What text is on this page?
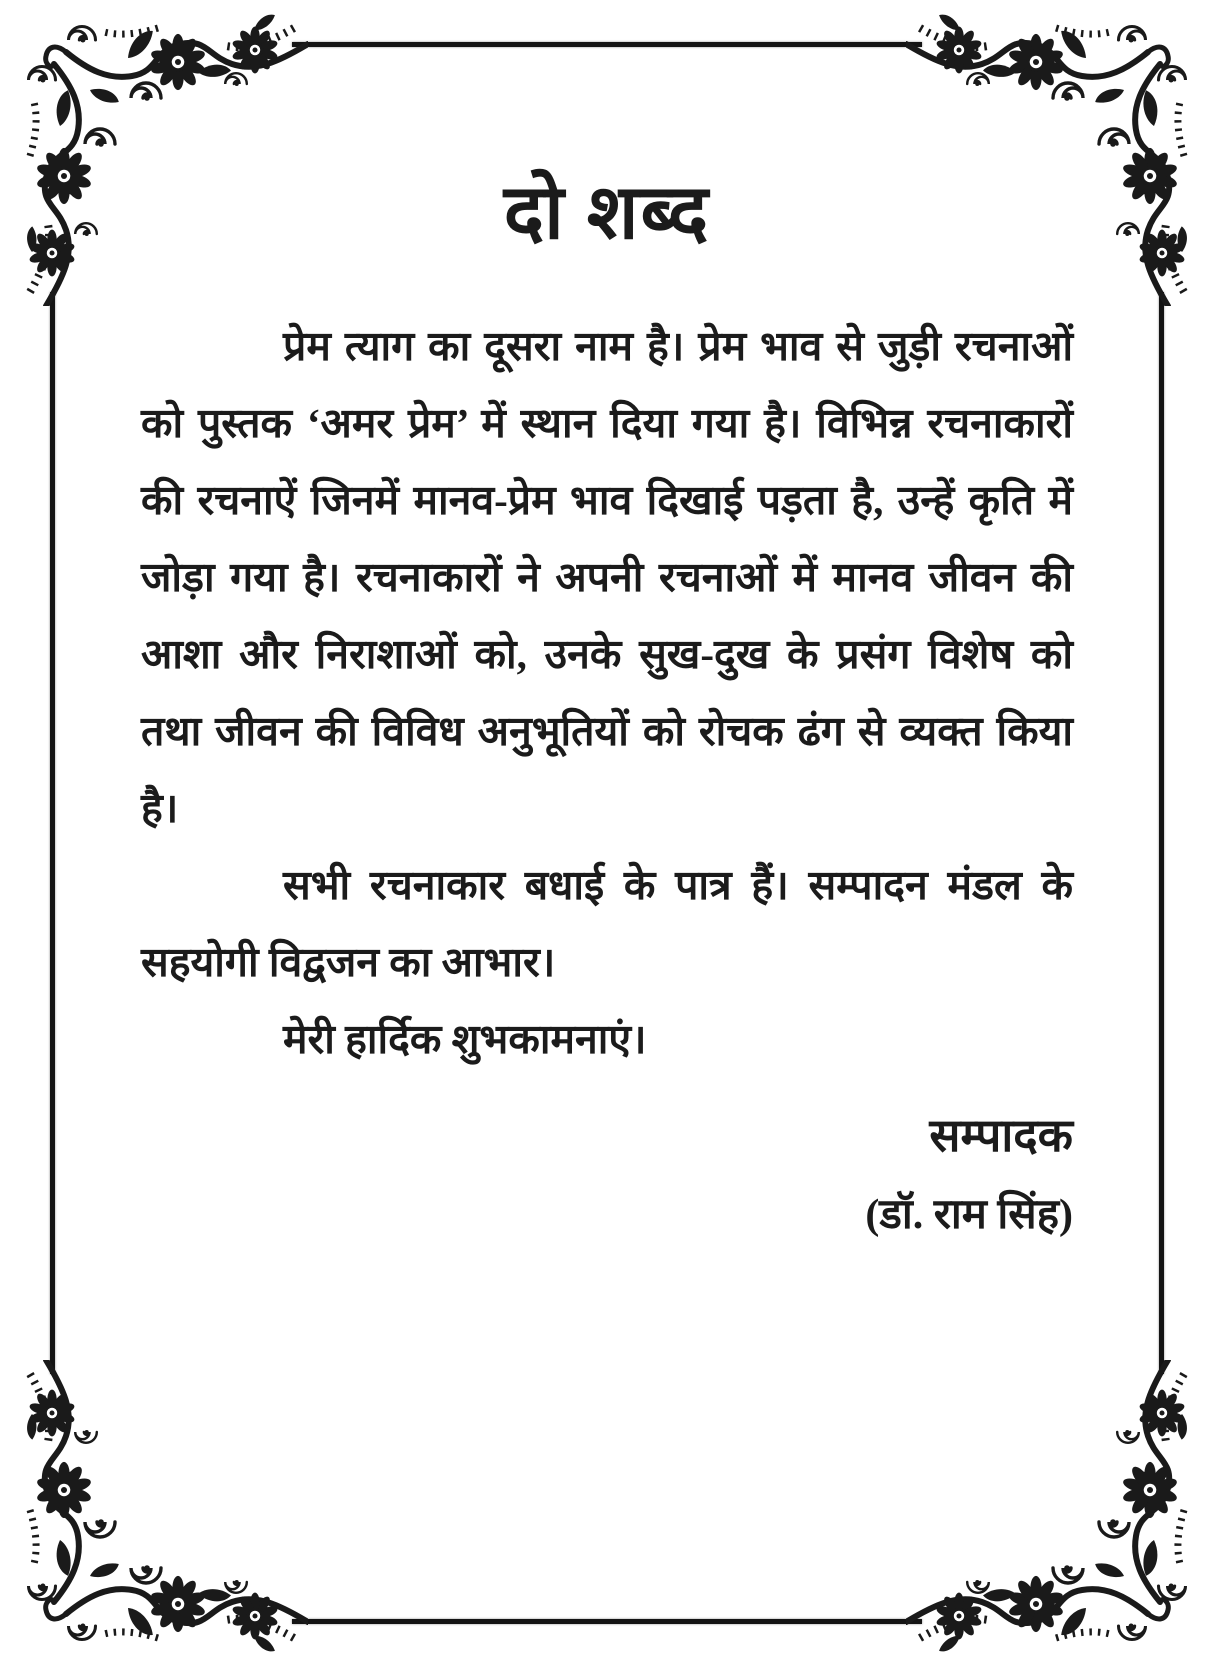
दो शब्द

प्रेम त्याग का दूसरा नाम है। प्रेम भाव से जुड़ी रचनाओं को पुस्तक ‘अमर प्रेम’ में स्थान दिया गया है। विभिन्न रचनाकारों की रचनाऐं जिनमें मानव-प्रेम भाव दिखाई पड़ता है, उन्हें कृति में जोड़ा गया है। रचनाकारों ने अपनी रचनाओं में मानव जीवन की आशा और निराशाओं को, उनके सुख-दुख के प्रसंग विशेष को तथा जीवन की विविध अनुभूतियों को रोचक ढंग से व्यक्त किया है।

सभी रचनाकार बधाई के पात्र हैं। सम्पादन मंडल के सहयोगी विद्वजन का आभार।

मेरी हार्दिक शुभकामनाएं।

सम्पादक
(डॉ. राम सिंह)
